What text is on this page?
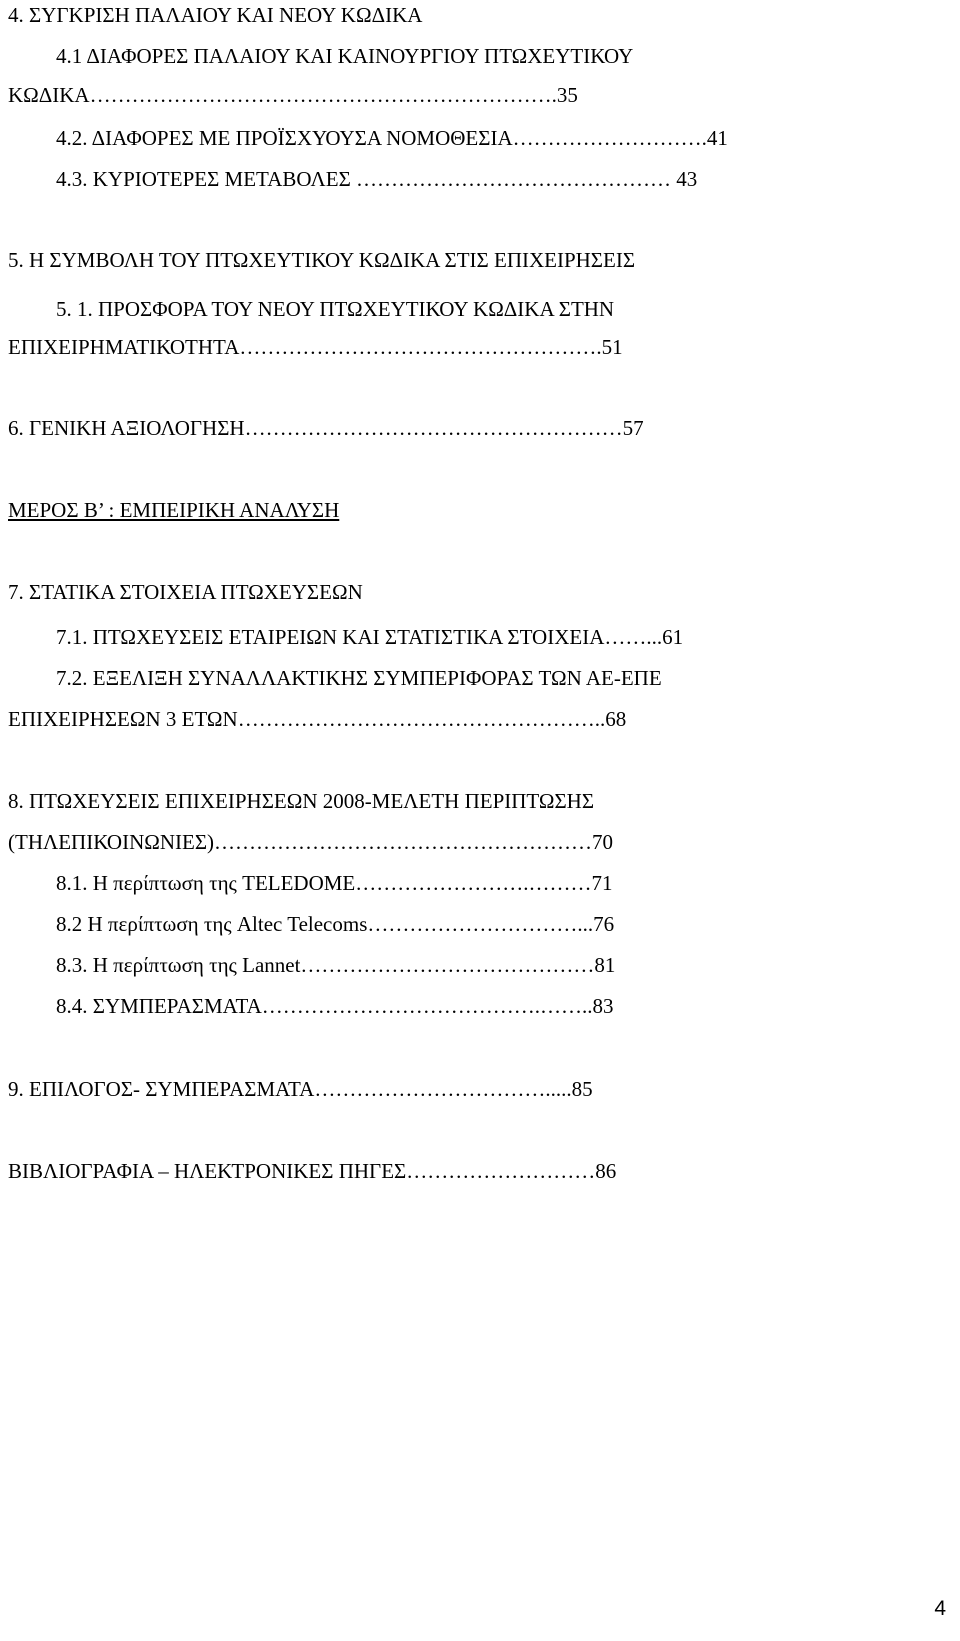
4. ΣΥΓΚΡΙΣΗ ΠΑΛΑΙΟΥ ΚΑΙ ΝΕΟΥ ΚΩΔΙΚΑ
4.1 ΔΙΑΦΟΡΕΣ ΠΑΛΑΙΟΥ ΚΑΙ ΚΑΙΝΟΥΡΓΙΟΥ ΠΤΩΧΕΥΤΙΚΟΥ
ΚΩΔΙΚΑ………………………………………………………….35
4.2. ΔΙΑΦΟΡΕΣ ΜΕ ΠΡΟΪΣΧΥΟΥΣΑ ΝΟΜΟΘΕΣΙΑ……………………….41
4.3. ΚΥΡΙΟΤΕΡΕΣ ΜΕΤΑΒΟΛΕΣ ……………………………………… 43
5. Η ΣΥΜΒΟΛΗ ΤΟΥ ΠΤΩΧΕΥΤΙΚΟΥ ΚΩΔΙΚΑ ΣΤΙΣ ΕΠΙΧΕΙΡΗΣΕΙΣ
5. 1. ΠΡΟΣΦΟΡΑ ΤΟΥ ΝΕΟΥ ΠΤΩΧΕΥΤΙΚΟΥ ΚΩΔΙΚΑ ΣΤΗΝ
ΕΠΙΧΕΙΡΗΜΑΤΙΚΟΤΗΤΑ…………………………………………….51
6. ΓΕΝΙΚΗ ΑΞΙΟΛΟΓΗΣΗ………………………………………………57
ΜΕΡΟΣ Β’ : ΕΜΠΕΙΡΙΚΗ ΑΝΑΛΥΣΗ
7. ΣΤΑΤΙΚΑ ΣΤΟΙΧΕΙΑ ΠΤΩΧΕΥΣΕΩΝ
7.1. ΠΤΩΧΕΥΣΕΙΣ ΕΤΑΙΡΕΙΩΝ ΚΑΙ ΣΤΑΤΙΣΤΙΚΑ ΣΤΟΙΧΕΙΑ……...61
7.2. ΕΞΕΛΙΞΗ ΣΥΝΑΛΛΑΚΤΙΚΗΣ ΣΥΜΠΕΡΙΦΟΡΑΣ ΤΩΝ ΑΕ-ΕΠΕ
ΕΠΙΧΕΙΡΗΣΕΩΝ 3 ΕΤΩΝ……………………………………………..68
8. ΠΤΩΧΕΥΣΕΙΣ ΕΠΙΧΕΙΡΗΣΕΩΝ 2008-ΜΕΛΕΤΗ ΠΕΡΙΠΤΩΣΗΣ
(ΤΗΛΕΠΙΚΟΙΝΩΝΙΕΣ)………………………………………………70
8.1. Η περίπτωση της TELEDOME…………………….………71
8.2 Η περίπτωση της Altec Telecoms…………………………...76
8.3. Η περίπτωση της Lannet……………………………………81
8.4. ΣΥΜΠΕΡΑΣΜΑΤΑ………………………………….……..83
9. ΕΠΙΛΟΓΟΣ- ΣΥΜΠΕΡΑΣΜΑΤΑ…………………………….....85
ΒΙΒΛΙΟΓΡΑΦΙΑ – ΗΛΕΚΤΡΟΝΙΚΕΣ ΠΗΓΕΣ………………………86
4
